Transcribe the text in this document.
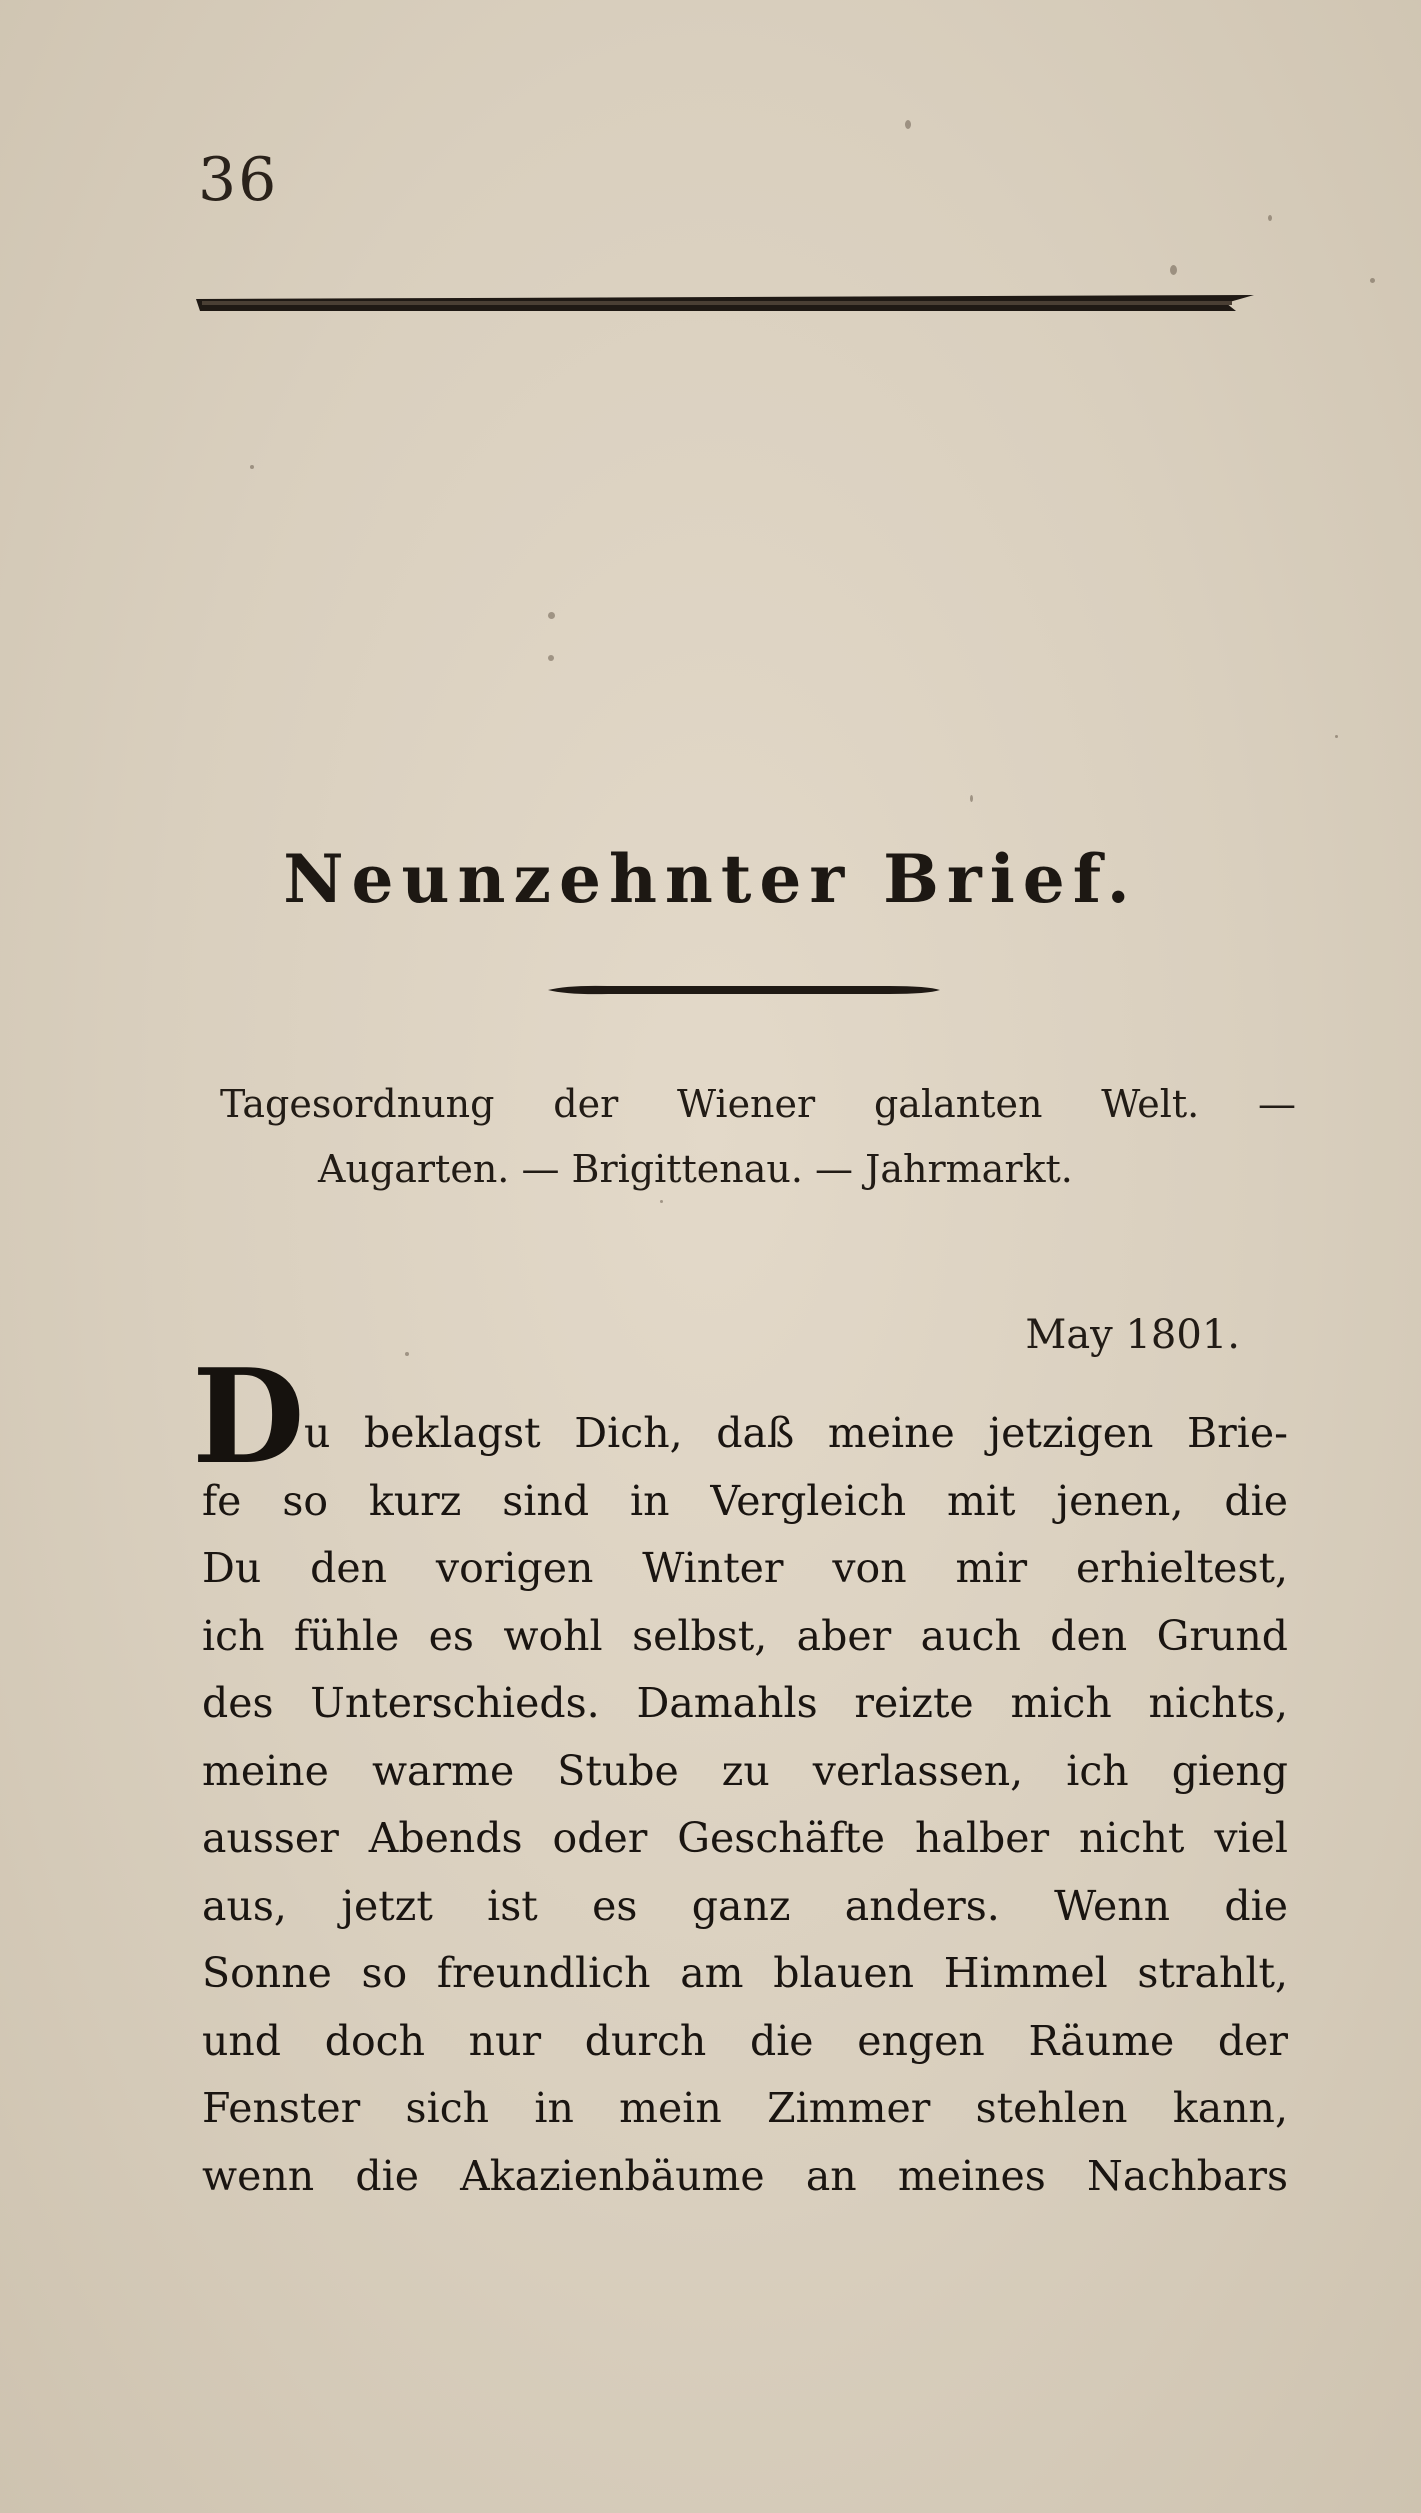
36
Neunzehnter Brief.
Tagesordnung der Wiener galanten Welt. —
Augarten. — Brigittenau. — Jahrmarkt.
May 1801.
D u beklagst Dich, daß meine jetzigen Brie-
fe so kurz sind in Vergleich mit jenen, die
Du den vorigen Winter von mir erhieltest,
ich fühle es wohl selbst, aber auch den Grund
des Unterschieds. Damahls reizte mich nichts,
meine warme Stube zu verlassen, ich gieng
ausser Abends oder Geschäfte halber nicht viel
aus, jetzt ist es ganz anders. Wenn die
Sonne so freundlich am blauen Himmel strahlt,
und doch nur durch die engen Räume der
Fenster sich in mein Zimmer stehlen kann,
wenn die Akazienbäume an meines Nachbars
